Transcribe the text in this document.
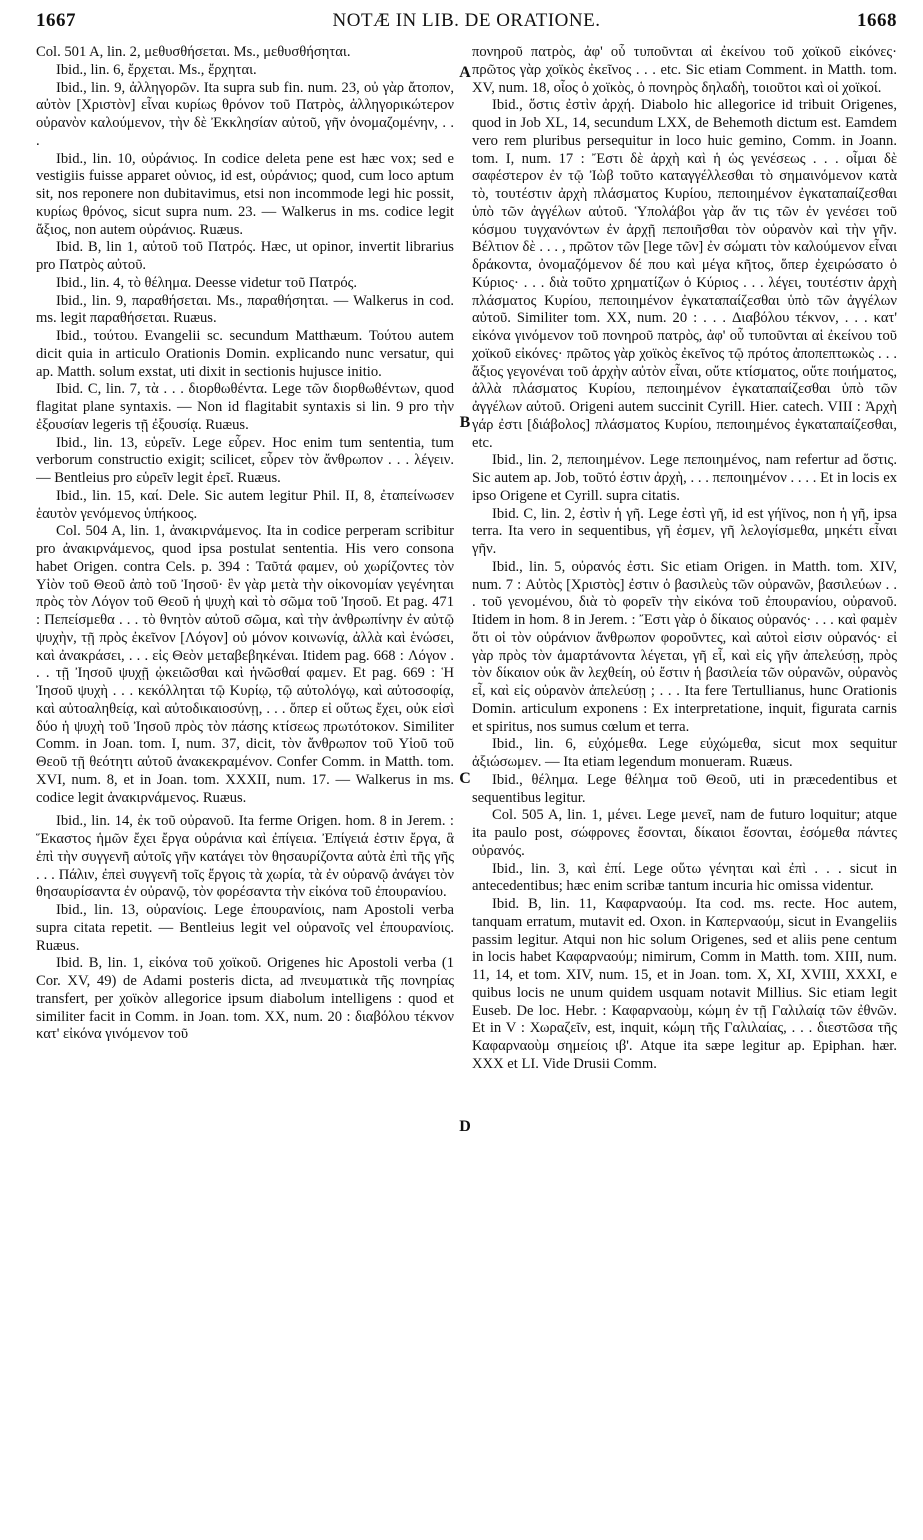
1667	NOTÆ IN LIB. DE ORATIONE.	1668

Col. 501 A, lin. 2, μεθυσθήσεται. Ms., μεθυσθήσηται.

Ibid., lin. 6, ἔρχεται. Ms., ἔρχηται.

Ibid., lin. 9, ἀλληγορῶν. Ita supra sub fin. num. 23, οὐ γὰρ ἄτοπον, αὐτὸν [Χριστὸν] εἶναι κυρίως θρόνον τοῦ Πατρὸς, ἀλληγορικώτερον οὐρανὸν καλούμενον, τὴν δὲ Ἐκκλησίαν αὐτοῦ, γῆν ὀνομαζομένην, . . .

Ibid., lin. 10, οὐράνιος. In codice deleta pene est hæc vox; sed e vestigiis fuisse apparet οὐνιος, id est, οὐράνιος; quod, cum loco aptum sit, nos reponere non dubitavimus, etsi non incommode legi hic possit, κυρίως θρόνος, sicut supra num. 23. — Walkerus in ms. codice legit ἄξιος, non autem οὐράνιος. Ruæus.

Ibid. B, lin 1, αὐτοῦ τοῦ Πατρός. Hæc, ut opinor, invertit librarius pro Πατρὸς αὐτοῦ.

Ibid., lin. 4, τὸ θέλημα. Deesse videtur τοῦ Πατρός.

Ibid., lin. 9, παραθήσεται. Ms., παραθήσηται. — Walkerus in cod. ms. legit παραθήσεται. Ruæus.

Ibid., τούτου. Evangelii sc. secundum Matthæum. Τούτου autem dicit quia in articulo Orationis Domin. explicando nunc versatur, qui ap. Matth. solum exstat, uti dixit in sectionis hujusce initio.

Ibid. C, lin. 7, τὰ . . . διορθωθέντα. Lege τῶν διορθωθέντων, quod flagitat plane syntaxis. — Non id flagitabit syntaxis si lin. 9 pro τὴν ἐξουσίαν legeris τῇ ἐξουσίᾳ. Ruæus.

Ibid., lin. 13, εὑρεῖν. Lege εὗρεν. Hoc enim tum sententia, tum verborum constructio exigit; scilicet, εὗρεν τὸν ἄνθρωπον . . . λέγειν. — Bentleius pro εὑρεῖν legit ἐρεῖ. Ruæus.

Ibid., lin. 15, καί. Dele. Sic autem legitur Phil. II, 8, ἐταπείνωσεν ἑαυτὸν γενόμενος ὑπήκοος.

Col. 504 A, lin. 1, ἀνακιρνάμενος. Ita in codice perperam scribitur pro ἀνακιρνάμενος, quod ipsa postulat sententia. His vero consona habet Origen. contra Cels. p. 394 : Ταῦτά φαμεν, οὐ χωρίζοντες τὸν Υἱὸν τοῦ Θεοῦ ἀπὸ τοῦ Ἰησοῦ· ἓν γὰρ μετὰ τὴν οἰκονομίαν γεγένηται πρὸς τὸν Λόγον τοῦ Θεοῦ ἡ ψυχὴ καὶ τὸ σῶμα τοῦ Ἰησοῦ. Et pag. 471 : Πεπείσμεθα . . . τὸ θνητὸν αὐτοῦ σῶμα, καὶ τὴν ἀνθρωπίνην ἐν αὐτῷ ψυχὴν, τῇ πρὸς ἐκεῖνον [Λόγον] οὐ μόνον κοινωνίᾳ, ἀλλὰ καὶ ἑνώσει, καὶ ἀνακράσει, . . . εἰς Θεὸν μεταβεβηκέναι. Itidem pag. 668 : Λόγον . . . τῇ Ἰησοῦ ψυχῇ ᾠκειῶσθαι καὶ ἡνῶσθαί φαμεν. Et pag. 669 : Ἡ Ἰησοῦ ψυχὴ . . . κεκόλληται τῷ Κυρίῳ, τῷ αὐτολόγῳ, καὶ αὐτοσοφίᾳ, καὶ αὐτοαληθείᾳ, καὶ αὐτοδικαιοσύνῃ, . . . ὅπερ εἰ οὕτως ἔχει, οὐκ εἰσὶ δύο ἡ ψυχὴ τοῦ Ἰησοῦ πρὸς τὸν πάσης κτίσεως πρωτότοκον. Similiter Comm. in Joan. tom. I, num. 37, dicit, τὸν ἄνθρωπον τοῦ Υἱοῦ τοῦ Θεοῦ τῇ θεότητι αὐτοῦ ἀνακεκραμένον. Confer Comm. in Matth. tom. XVI, num. 8, et in Joan. tom. XXXII, num. 17. — Walkerus in ms. codice legit ἀνακιρνάμενος. Ruæus.

Ibid., lin. 14, ἐκ τοῦ οὐρανοῦ. Ita ferme Origen. hom. 8 in Jerem. : Ἕκαστος ἡμῶν ἔχει ἔργα οὐράνια καὶ ἐπίγεια. Ἐπίγειά ἐστιν ἔργα, ἃ ἐπὶ τὴν συγγενῆ αὐτοῖς γῆν κατάγει τὸν θησαυρίζοντα αὐτὰ ἐπὶ τῆς γῆς . . . Πάλιν, ἐπεὶ συγγενῆ τοῖς ἔργοις τὰ χωρία, τὰ ἐν οὐρανῷ ἀνάγει τὸν θησαυρίσαντα ἐν οὐρανῷ, τὸν φορέσαντα τὴν εἰκόνα τοῦ ἐπουρανίου.

Ibid., lin. 13, οὐρανίοις. Lege ἐπουρανίοις, nam Apostoli verba supra citata repetit. — Bentleius legit vel οὐρανοῖς vel ἐπουρανίοις. Ruæus.

Ibid. B, lin. 1, εἰκόνα τοῦ χοϊκοῦ. Origenes hic Apostoli verba (1 Cor. XV, 49) de Adami posteris dicta, ad πνευματικὰ τῆς πονηρίας transfert, per χοϊκὸν allegorice ipsum diabolum intelligens : quod et similiter facit in Comm. in Joan. tom. XX, num. 20 : διαβόλου τέκνον κατ' εἰκόνα γινόμενον τοῦ

A
B
C
D

πονηροῦ πατρὸς, ἀφ' οὗ τυποῦνται αἱ ἐκείνου τοῦ χοϊκοῦ εἰκόνες· πρῶτος γὰρ χοϊκὸς ἐκεῖνος . . . etc. Sic etiam Comment. in Matth. tom. XV, num. 18, οἷος ὁ χοϊκὸς, ὁ πονηρὸς δηλαδὴ, τοιοῦτοι καὶ οἱ χοϊκοί.

Ibid., ὅστις ἐστὶν ἀρχή. Diabolo hic allegorice id tribuit Origenes, quod in Job XL, 14, secundum LXX, de Behemoth dictum est. Eamdem vero rem pluribus persequitur in loco huic gemino, Comm. in Joann. tom. I, num. 17 : Ἔστι δὲ ἀρχὴ καὶ ἡ ὡς γενέσεως . . . οἶμαι δὲ σαφέστερον ἐν τῷ Ἰὼβ τοῦτο καταγγέλλεσθαι τὸ σημαινόμενον κατὰ τὸ, τουτέστιν ἀρχὴ πλάσματος Κυρίου, πεποιημένον ἐγκαταπαίζεσθαι ὑπὸ τῶν ἀγγέλων αὐτοῦ. Ὑπολάβοι γὰρ ἄν τις τῶν ἐν γενέσει τοῦ κόσμου τυγχανόντων ἐν ἀρχῇ πεποιῆσθαι τὸν οὐρανὸν καὶ τὴν γῆν. Βέλτιον δὲ . . . , πρῶτον τῶν [lege τῶν] ἐν σώματι τὸν καλούμενον εἶναι δράκοντα, ὀνομαζόμενον δέ που καὶ μέγα κῆτος, ὅπερ ἐχειρώσατο ὁ Κύριος· . . . διὰ τοῦτο χρηματίζων ὁ Κύριος . . . λέγει, τουτέστιν ἀρχὴ πλάσματος Κυρίου, πεποιημένον ἐγκαταπαίζεσθαι ὑπὸ τῶν ἀγγέλων αὐτοῦ. Similiter tom. XX, num. 20 : . . . Διαβόλου τέκνον, . . . κατ' εἰκόνα γινόμενον τοῦ πονηροῦ πατρὸς, ἀφ' οὗ τυποῦνται αἱ ἐκείνου τοῦ χοϊκοῦ εἰκόνες· πρῶτος γὰρ χοϊκὸς ἐκεῖνος τῷ πρότος ἀποπεπτωκὼς . . . ἄξιος γεγονέναι τοῦ ἀρχὴν αὐτὸν εἶναι, οὔτε κτίσματος, οὔτε ποιήματος, ἀλλὰ πλάσματος Κυρίου, πεποιημένον ἐγκαταπαίζεσθαι ὑπὸ τῶν ἀγγέλων αὐτοῦ. Origeni autem succinit Cyrill. Hier. catech. VIII : Ἀρχὴ γάρ ἐστι [διάβολος] πλάσματος Κυρίου, πεποιημένος ἐγκαταπαίζεσθαι, etc.

Ibid., lin. 2, πεποιημένον. Lege πεποιημένος, nam refertur ad ὅστις. Sic autem ap. Job, τοῦτό ἐστιν ἀρχὴ, . . . πεποιημένον . . . . Et in locis ex ipso Origene et Cyrill. supra citatis.

Ibid. C, lin. 2, ἐστὶν ἡ γῆ. Lege ἐστὶ γῆ, id est γήϊνος, non ἡ γῆ, ipsa terra. Ita vero in sequentibus, γῆ ἐσμεν, γῆ λελογίσμεθα, μηκέτι εἶναι γῆν.

Ibid., lin. 5, οὐρανός ἐστι. Sic etiam Origen. in Matth. tom. XIV, num. 7 : Αὐτὸς [Χριστὸς] ἐστιν ὁ βασιλεὺς τῶν οὐρανῶν, βασιλεύων . . . τοῦ γενομένου, διὰ τὸ φορεῖν τὴν εἰκόνα τοῦ ἐπουρανίου, οὐρανοῦ. Itidem in hom. 8 in Jerem. : Ἔστι γὰρ ὁ δίκαιος οὐρανός· . . . καὶ φαμὲν ὅτι οἱ τὸν οὐράνιον ἄνθρωπον φοροῦντες, καὶ αὐτοὶ εἰσιν οὐρανός· εἰ γὰρ πρὸς τὸν ἁμαρτάνοντα λέγεται, γῆ εἶ, καὶ εἰς γῆν ἀπελεύσῃ, πρὸς τὸν δίκαιον οὐκ ἂν λεχθείη, οὐ ἔστιν ἡ βασιλεία τῶν οὐρανῶν, οὐρανὸς εἶ, καὶ εἰς οὐρανὸν ἀπελεύσῃ ; . . . Ita fere Tertullianus, hunc Orationis Domin. articulum exponens : Ex interpretatione, inquit, figurata carnis et spiritus, nos sumus cœlum et terra.

Ibid., lin. 6, εὐχόμεθα. Lege εὐχώμεθα, sicut mox sequitur ἀξιώσωμεν. — Ita etiam legendum monueram. Ruæus.

Ibid., θέλημα. Lege θέλημα τοῦ Θεοῦ, uti in præcedentibus et sequentibus legitur.

Col. 505 A, lin. 1, μένει. Lege μενεῖ, nam de futuro loquitur; atque ita paulo post, σώφρονες ἔσονται, δίκαιοι ἔσονται, ἐσόμεθα πάντες οὐρανός.

Ibid., lin. 3, καὶ ἐπί. Lege οὕτω γένηται καὶ ἐπὶ . . . sicut in antecedentibus; hæc enim scribæ tantum incuria hic omissa videntur.

Ibid. B, lin. 11, Καφαρναούμ. Ita cod. ms. recte. Hoc autem, tanquam erratum, mutavit ed. Oxon. in Καπερναούμ, sicut in Evangeliis passim legitur. Atqui non hic solum Origenes, sed et aliis pene centum in locis habet Καφαρναούμ; nimirum, Comm in Matth. tom. XIII, num. 11, 14, et tom. XIV, num. 15, et in Joan. tom. X, XI, XVIII, XXXI, e quibus locis ne unum quidem usquam notavit Millius. Sic etiam legit Euseb. De loc. Hebr. : Καφαρναοὺμ, κώμη ἐν τῇ Γαλιλαίᾳ τῶν ἐθνῶν. Et in V : Χωραζεῖν, est, inquit, κώμη τῆς Γαλιλαίας, . . . διεστῶσα τῆς Καφαρναοὺμ σημείοις ιβ'. Atque ita sæpe legitur ap. Epiphan. hær. XXX et LI. Vide Drusii Comm.
